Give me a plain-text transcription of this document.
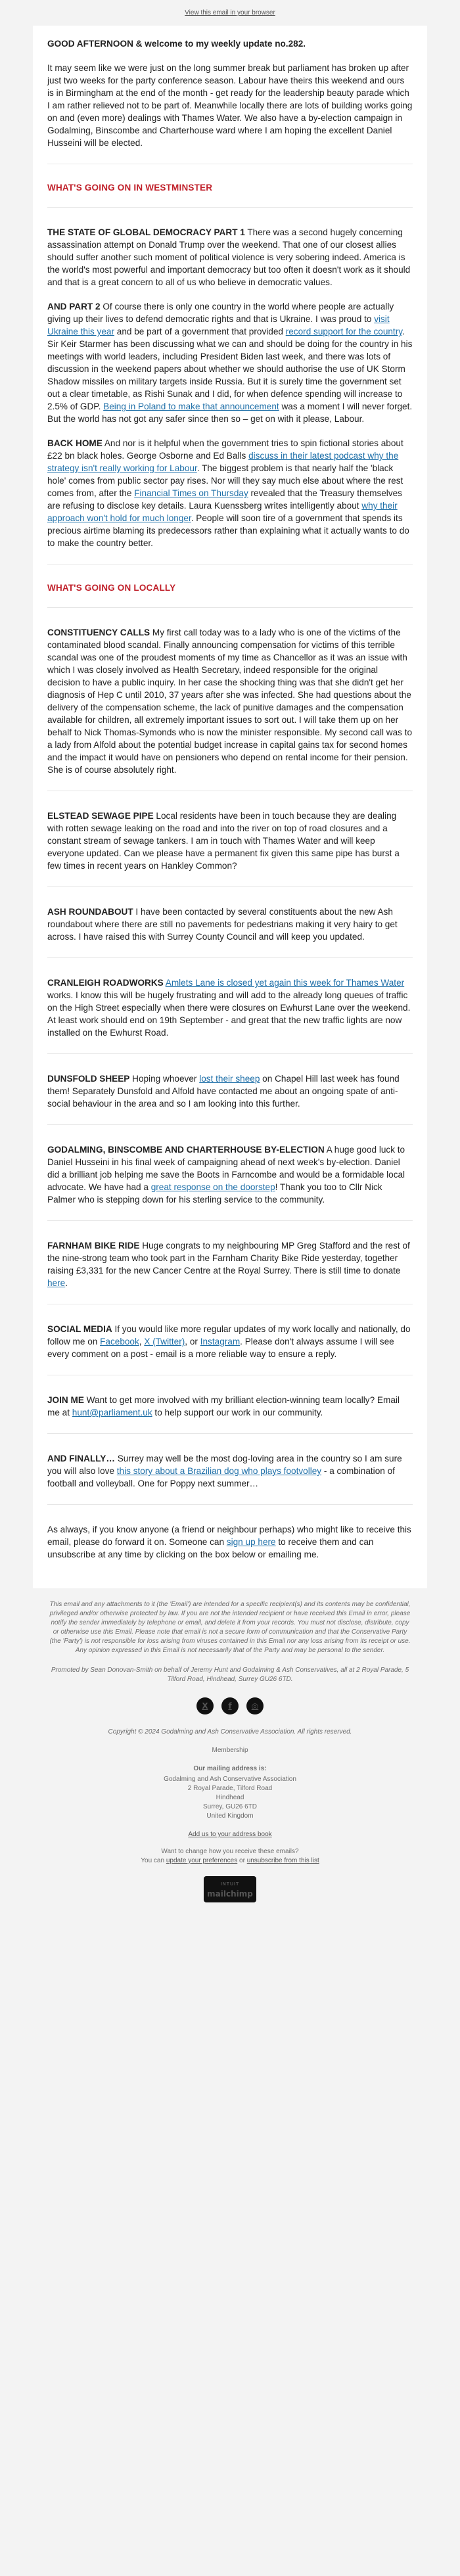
View this email in your browser

GOOD AFTERNOON & welcome to my weekly update no.282.

It may seem like we were just on the long summer break but parliament has broken up after just two weeks for the party conference season. Labour have theirs this weekend and ours is in Birmingham at the end of the month - get ready for the leadership beauty parade which I am rather relieved not to be part of. Meanwhile locally there are lots of building works going on and (even more) dealings with Thames Water. We also have a by-election campaign in Godalming, Binscombe and Charterhouse ward where I am hoping the excellent Daniel Husseini will be elected.

WHAT'S GOING ON IN WESTMINSTER

THE STATE OF GLOBAL DEMOCRACY PART 1 There was a second hugely concerning assassination attempt on Donald Trump over the weekend. That one of our closest allies should suffer another such moment of political violence is very sobering indeed. America is the world's most powerful and important democracy but too often it doesn't work as it should and that is a great concern to all of us who believe in democratic values.

AND PART 2 Of course there is only one country in the world where people are actually giving up their lives to defend democratic rights and that is Ukraine. I was proud to visit Ukraine this year and be part of a government that provided record support for the country. Sir Keir Starmer has been discussing what we can and should be doing for the country in his meetings with world leaders, including President Biden last week, and there was lots of discussion in the weekend papers about whether we should authorise the use of UK Storm Shadow missiles on military targets inside Russia. But it is surely time the government set out a clear timetable, as Rishi Sunak and I did, for when defence spending will increase to 2.5% of GDP. Being in Poland to make that announcement was a moment I will never forget. But the world has not got any safer since then so – get on with it please, Labour.

BACK HOME And nor is it helpful when the government tries to spin fictional stories about £22 bn black holes. George Osborne and Ed Balls discuss in their latest podcast why the strategy isn't really working for Labour. The biggest problem is that nearly half the 'black hole' comes from public sector pay rises. Nor will they say much else about where the rest comes from, after the Financial Times on Thursday revealed that the Treasury themselves are refusing to disclose key details. Laura Kuenssberg writes intelligently about why their approach won't hold for much longer. People will soon tire of a government that spends its precious airtime blaming its predecessors rather than explaining what it actually wants to do to make the country better.

WHAT'S GOING ON LOCALLY

CONSTITUENCY CALLS My first call today was to a lady who is one of the victims of the contaminated blood scandal. Finally announcing compensation for victims of this terrible scandal was one of the proudest moments of my time as Chancellor as it was an issue with which I was closely involved as Health Secretary, indeed responsible for the original decision to have a public inquiry. In her case the shocking thing was that she didn't get her diagnosis of Hep C until 2010, 37 years after she was infected. She had questions about the delivery of the compensation scheme, the lack of punitive damages and the compensation available for children, all extremely important issues to sort out. I will take them up on her behalf to Nick Thomas-Symonds who is now the minister responsible. My second call was to a lady from Alfold about the potential budget increase in capital gains tax for second homes and the impact it would have on pensioners who depend on rental income for their pension. She is of course absolutely right.

ELSTEAD SEWAGE PIPE Local residents have been in touch because they are dealing with rotten sewage leaking on the road and into the river on top of road closures and a constant stream of sewage tankers. I am in touch with Thames Water and will keep everyone updated. Can we please have a permanent fix given this same pipe has burst a few times in recent years on Hankley Common?

ASH ROUNDABOUT I have been contacted by several constituents about the new Ash roundabout where there are still no pavements for pedestrians making it very hairy to get across. I have raised this with Surrey County Council and will keep you updated.

CRANLEIGH ROADWORKS Amlets Lane is closed yet again this week for Thames Water works. I know this will be hugely frustrating and will add to the already long queues of traffic on the High Street especially when there were closures on Ewhurst Lane over the weekend. At least work should end on 19th September - and great that the new traffic lights are now installed on the Ewhurst Road.

DUNSFOLD SHEEP Hoping whoever lost their sheep on Chapel Hill last week has found them! Separately Dunsfold and Alfold have contacted me about an ongoing spate of anti-social behaviour in the area and so I am looking into this further.

GODALMING, BINSCOMBE AND CHARTERHOUSE BY-ELECTION A huge good luck to Daniel Husseini in his final week of campaigning ahead of next week's by-election. Daniel did a brilliant job helping me save the Boots in Farncombe and would be a formidable local advocate. We have had a great response on the doorstep! Thank you too to Cllr Nick Palmer who is stepping down for his sterling service to the community.

FARNHAM BIKE RIDE Huge congrats to my neighbouring MP Greg Stafford and the rest of the nine-strong team who took part in the Farnham Charity Bike Ride yesterday, together raising £3,331 for the new Cancer Centre at the Royal Surrey. There is still time to donate here.

SOCIAL MEDIA If you would like more regular updates of my work locally and nationally, do follow me on Facebook, X (Twitter), or Instagram. Please don't always assume I will see every comment on a post - email is a more reliable way to ensure a reply.

JOIN ME Want to get more involved with my brilliant election-winning team locally? Email me at hunt@parliament.uk to help support our work in our community.

AND FINALLY… Surrey may well be the most dog-loving area in the country so I am sure you will also love this story about a Brazilian dog who plays footvolley - a combination of football and volleyball. One for Poppy next summer…

As always, if you know anyone (a friend or neighbour perhaps) who might like to receive this email, please do forward it on. Someone can sign up here to receive them and can unsubscribe at any time by clicking on the box below or emailing me.

This email and any attachments to it (the 'Email') are intended for a specific recipient(s) and its contents may be confidential, privileged and/or otherwise protected by law. If you are not the intended recipient or have received this Email in error, please notify the sender immediately by telephone or email, and delete it from your records. You must not disclose, distribute, copy or otherwise use this Email. Please note that email is not a secure form of communication and that the Conservative Party (the 'Party') is not responsible for loss arising from viruses contained in this Email nor any loss arising from its receipt or use. Any opinion expressed in this Email is not necessarily that of the Party and may be personal to the sender.
Promoted by Sean Donovan-Smith on behalf of Jeremy Hunt and Godalming & Ash Conservatives, all at 2 Royal Parade, 5 Tilford Road, Hindhead, Surrey GU26 6TD.
X	f	◎
Copyright © 2024 Godalming and Ash Conservative Association. All rights reserved.
Membership
Our mailing address is:
Godalming and Ash Conservative Association
2 Royal Parade, Tilford Road
Hindhead
Surrey, GU26 6TD
United Kingdom
Add us to your address book
Want to change how you receive these emails?
You can update your preferences or unsubscribe from this list
INTUIT
mailchimp
